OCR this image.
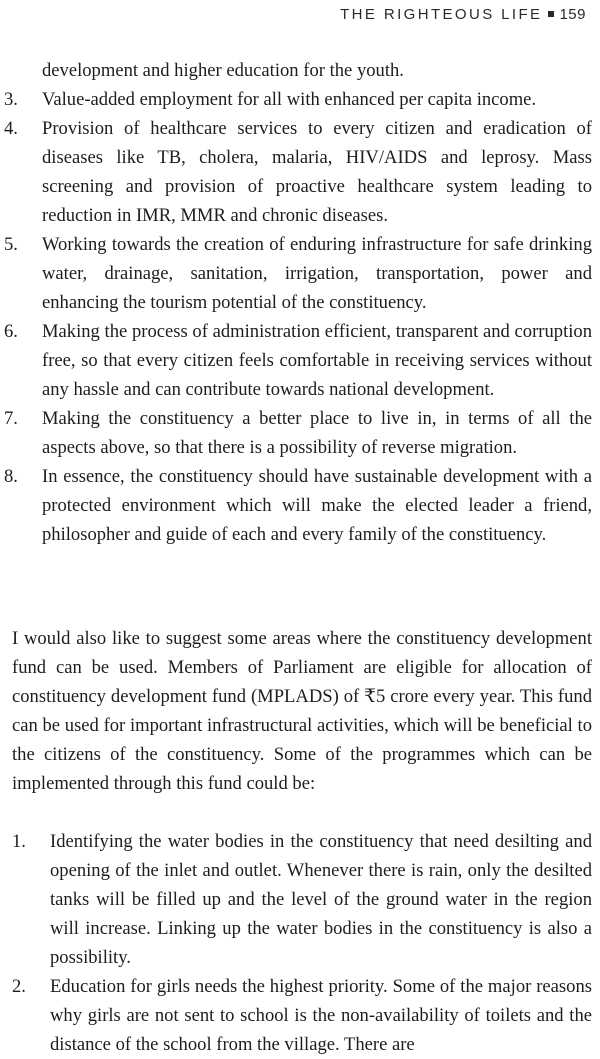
THE RIGHTEOUS LIFE 159
development and higher education for the youth.
3. Value-added employment for all with enhanced per capita income.
4. Provision of healthcare services to every citizen and eradication of diseases like TB, cholera, malaria, HIV/AIDS and leprosy. Mass screening and provision of proactive healthcare system leading to reduction in IMR, MMR and chronic diseases.
5. Working towards the creation of enduring infrastructure for safe drinking water, drainage, sanitation, irrigation, transportation, power and enhancing the tourism potential of the constituency.
6. Making the process of administration efficient, transparent and corruption free, so that every citizen feels comfortable in receiving services without any hassle and can contribute towards national development.
7. Making the constituency a better place to live in, in terms of all the aspects above, so that there is a possibility of reverse migration.
8. In essence, the constituency should have sustainable development with a protected environment which will make the elected leader a friend, philosopher and guide of each and every family of the constituency.

I would also like to suggest some areas where the constituency development fund can be used. Members of Parliament are eligible for allocation of constituency development fund (MPLADS) of ₹5 crore every year. This fund can be used for important infrastructural activities, which will be beneficial to the citizens of the constituency. Some of the programmes which can be implemented through this fund could be:

1. Identifying the water bodies in the constituency that need desilting and opening of the inlet and outlet. Whenever there is rain, only the desilted tanks will be filled up and the level of the ground water in the region will increase. Linking up the water bodies in the constituency is also a possibility.
2. Education for girls needs the highest priority. Some of the major reasons why girls are not sent to school is the non-availability of toilets and the distance of the school from the village. There are
